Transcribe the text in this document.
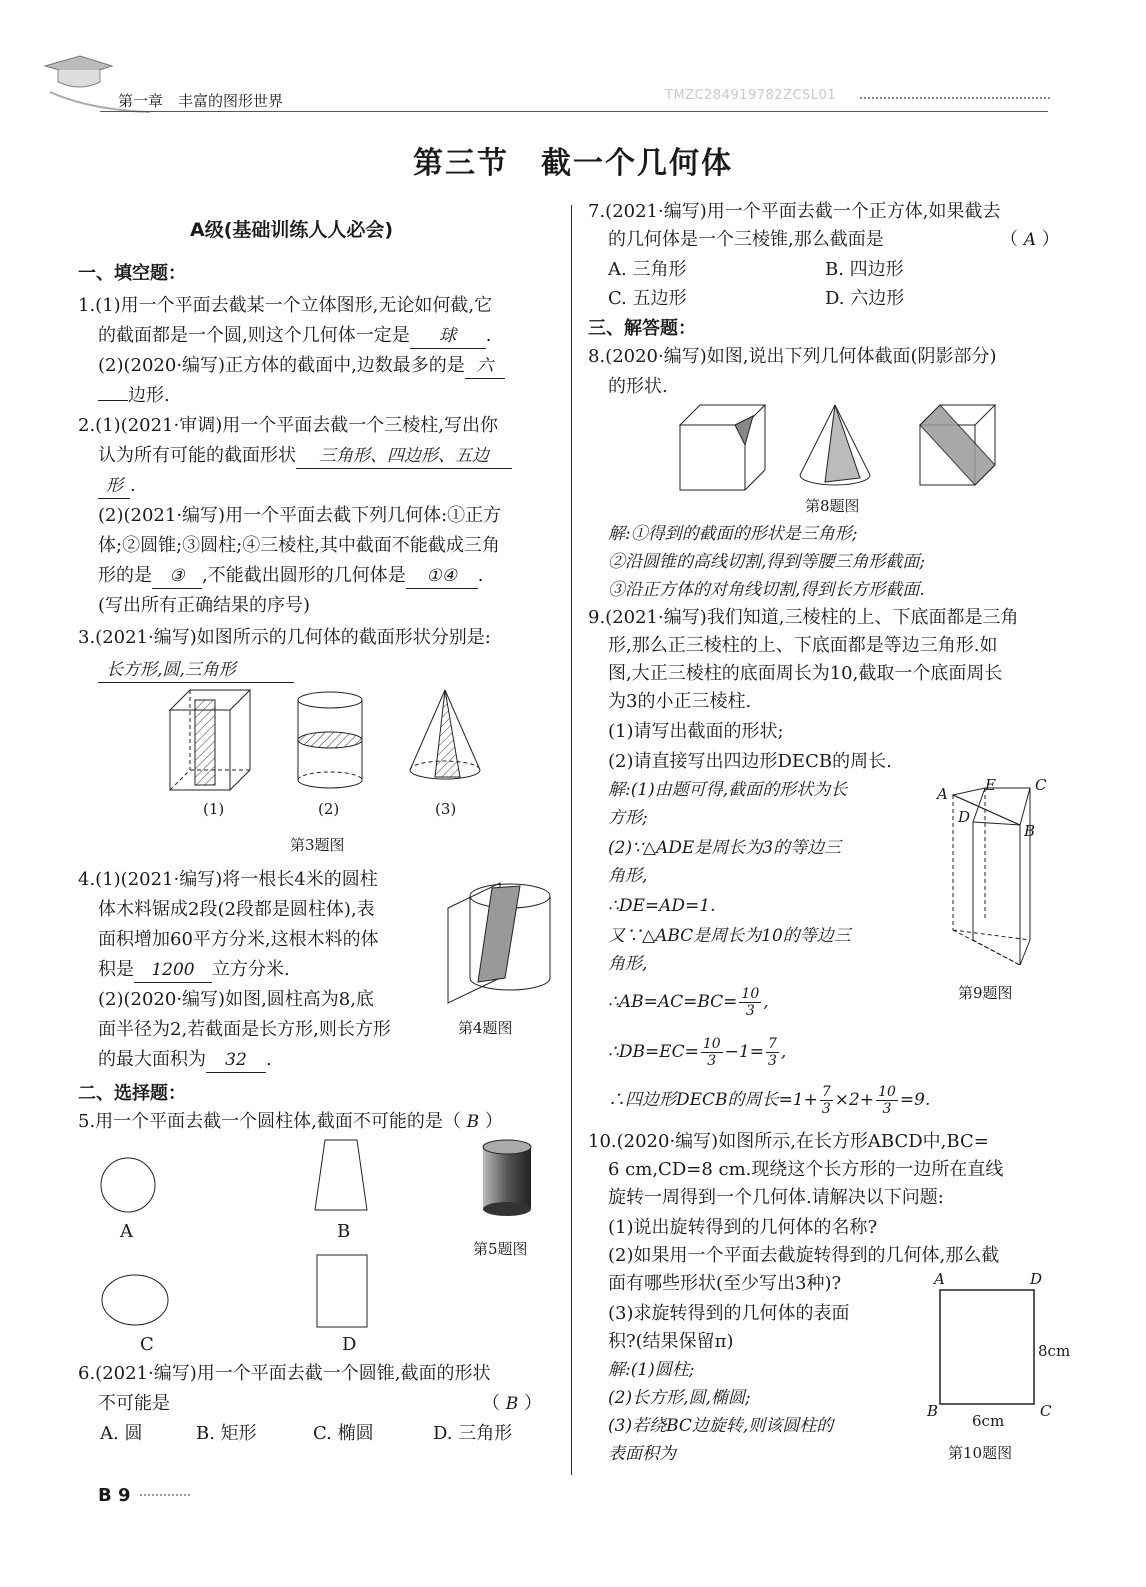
第一章　丰富的图形世界	TMZC284919782ZCSL01
第三节　截一个几何体
A级(基础训练人人必会)
一、填空题：
1.(1)用一个平面去截某一个立体图形,无论如何截,它
的截面都是一个圆,则这个几何体一定是 球 .
(2)(2020·编写)正方体的截面中,边数最多的是 六
边形.
2.(1)(2021·审调)用一个平面去截一个三棱柱,写出你
认为所有可能的截面形状 三角形、四边形、五边
形 .
(2)(2021·编写)用一个平面去截下列几何体:①正方
体;②圆锥;③圆柱;④三棱柱,其中截面不能截成三角
形的是 ③ ,不能截出圆形的几何体是 ①④ .
(写出所有正确结果的序号)
3.(2021·编写)如图所示的几何体的截面形状分别是:
长方形,圆,三角形
(1)	(2)	(3)
第3题图
4.(1)(2021·编写)将一根长4米的圆柱
体木料锯成2段(2段都是圆柱体),表
面积增加60平方分米,这根木料的体
积是 1200 立方分米.
(2)(2020·编写)如图,圆柱高为8,底
面半径为2,若截面是长方形,则长方形
的最大面积为 32 .
第4题图
二、选择题：
5.用一个平面去截一个圆柱体,截面不可能的是（ B ）
A	B
第5题图
C	D
6.(2021·编写)用一个平面去截一个圆锥,截面的形状
不可能是	（ B ）
A. 圆	B. 矩形	C. 椭圆	D. 三角形
7.(2021·编写)用一个平面去截一个正方体,如果截去
的几何体是一个三棱锥,那么截面是	（ A ）
A. 三角形	B. 四边形
C. 五边形	D. 六边形
三、解答题：
8.(2020·编写)如图,说出下列几何体截面(阴影部分)
的形状.
第8题图
解:①得到的截面的形状是三角形;
②沿圆锥的高线切割,得到等腰三角形截面;
③沿正方体的对角线切割,得到长方形截面.
9.(2021·编写)我们知道,三棱柱的上、下底面都是三角
形,那么正三棱柱的上、下底面都是等边三角形.如
图,大正三棱柱的底面周长为10,截取一个底面周长
为3的小正三棱柱.
(1)请写出截面的形状;
(2)请直接写出四边形DECB的周长.
解:(1)由题可得,截面的形状为长
方形;
(2)∵△ADE是周长为3的等边三
角形,
∴DE=AD=1.
又∵△ABC是周长为10的等边三
角形,
∴AB=AC=BC= $\frac{10}{3}$ ,
∴DB=EC= $\frac{10}{3} -1= \frac{7}{3}$ ,
∴四边形DECB的周长$=1+ \frac{7}{3} \times 2+ \frac{10}{3} =9$.
A E	C
D
B
第9题图
10.(2020·编写)如图所示,在长方形ABCD中,BC=
6 cm,CD=8 cm.现绕这个长方形的一边所在直线
旋转一周得到一个几何体.请解决以下问题:
(1)说出旋转得到的几何体的名称?
(2)如果用一个平面去截旋转得到的几何体,那么截
面有哪些形状(至少写出3种)?
(3)求旋转得到的几何体的表面
积?(结果保留π)
解:(1)圆柱;
(2)长方形,圆,椭圆;
(3)若绕BC边旋转,则该圆柱的
表面积为
A	D
B	C
8cm
6cm
第10题图
B 9
